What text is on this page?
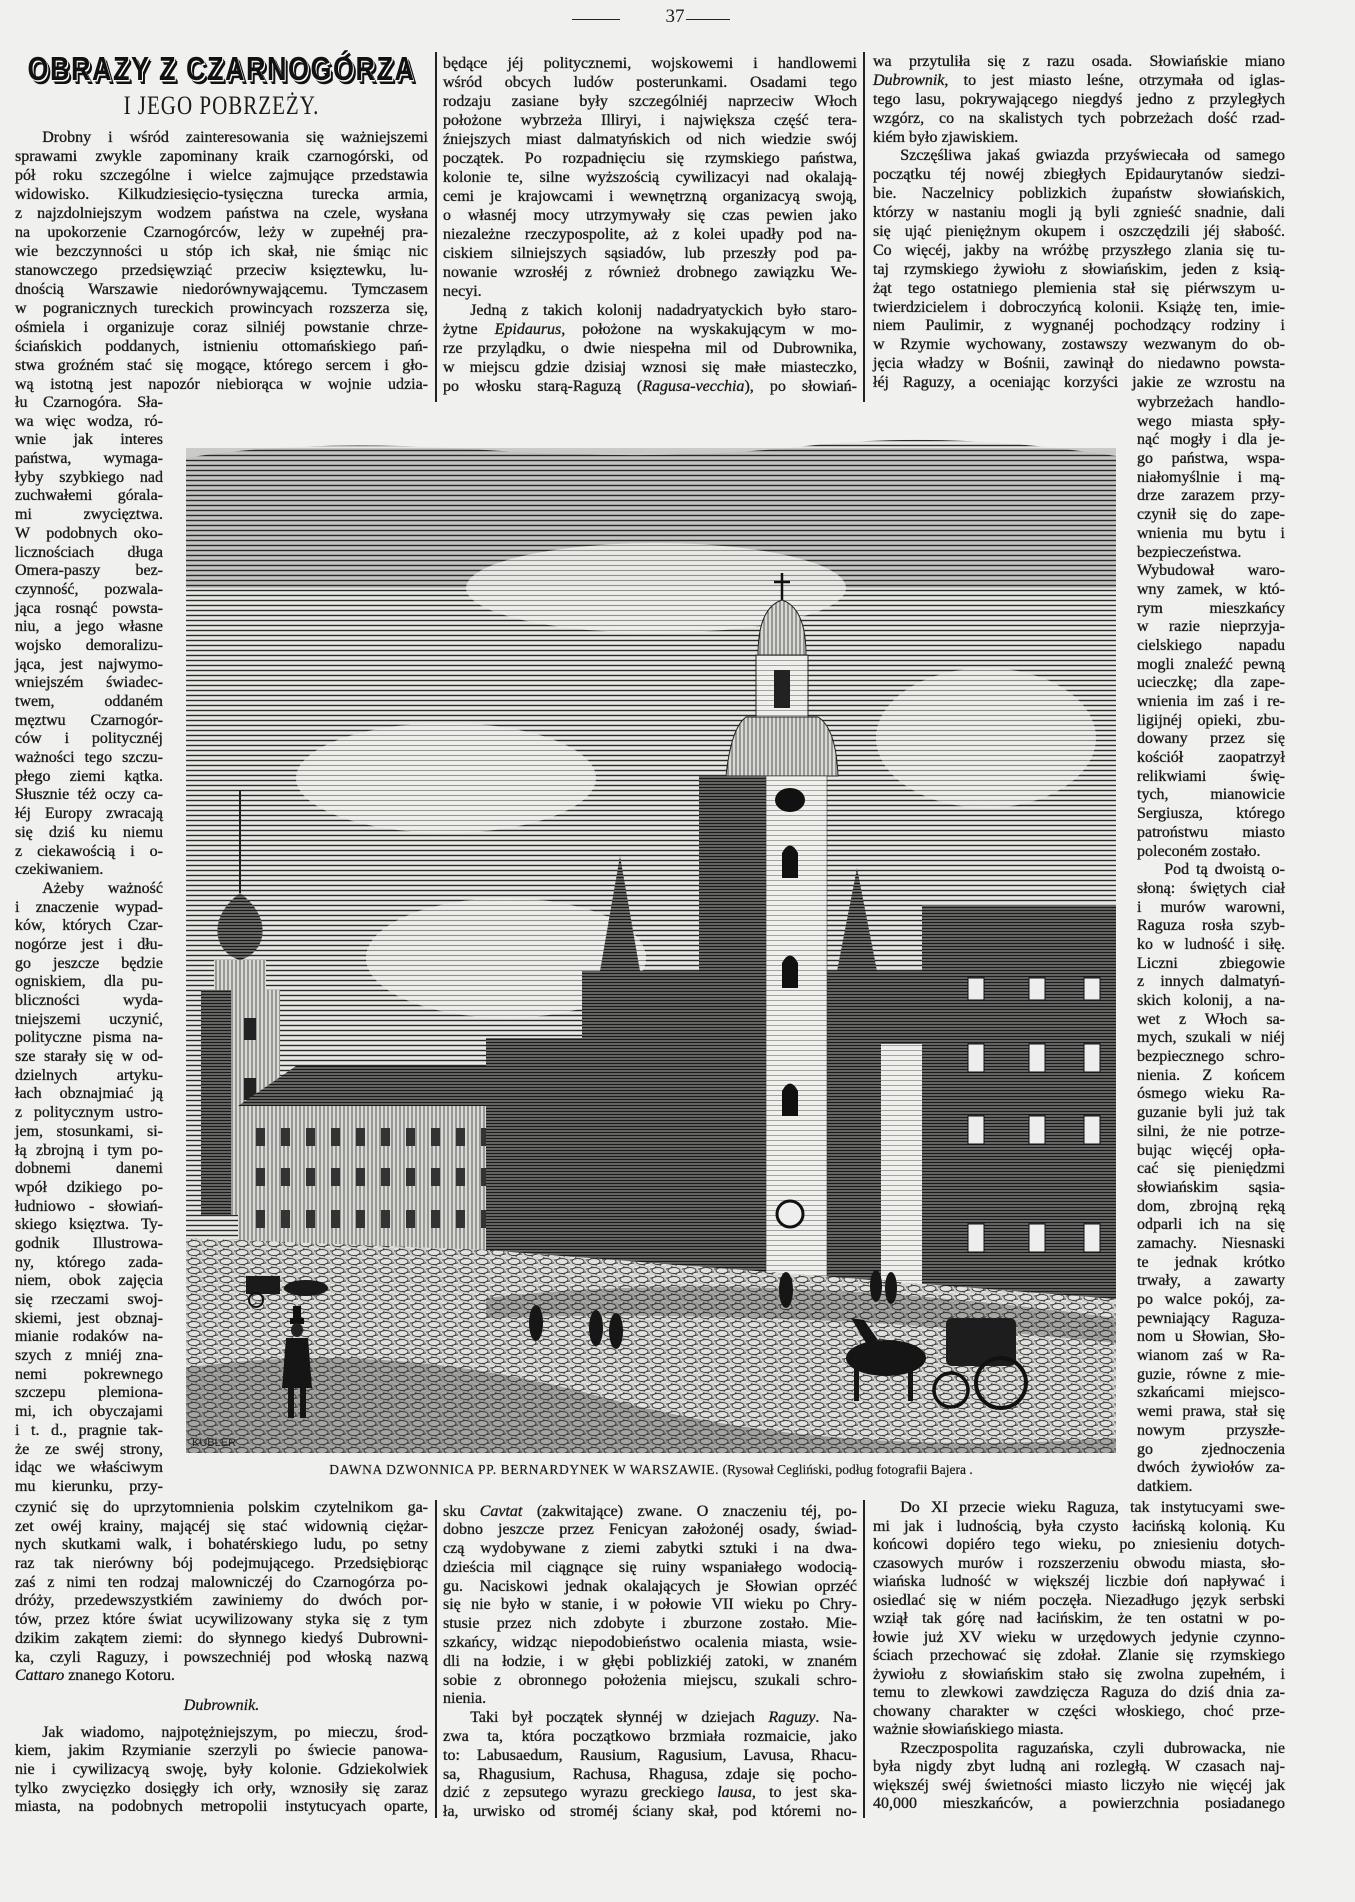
37
OBRAZY Z CZARNOGÓRZA
I JEGO POBRZEŻY.
Drobny i wśród zainteresowania się ważniejszemi
sprawami zwykle zapominany kraik czarnogórski, od
pół roku szczególne i wielce zajmujące przedstawia
widowisko. Kilkudziesięcio-tysięczna turecka armia,
z najzdolniejszym wodzem państwa na czele, wysłana
na upokorzenie Czarnogórców, leży w zupełnéj pra-
wie bezczynności u stóp ich skał, nie śmiąc nic
stanowczego przedsięwziąć przeciw księztewku, lu-
dnością Warszawie niedorównywającemu. Tymczasem
w pogranicznych tureckich prowincyach rozszerza się,
ośmiela i organizuje coraz silniéj powstanie chrze-
ściańskich poddanych, istnieniu ottomańskiego pań-
stwa groźném stać się mogące, którego sercem i gło-
wą istotną jest napozór niebiorąca w wojnie udzia-
będące jéj politycznemi, wojskowemi i handlowemi
wśród obcych ludów posterunkami. Osadami tego
rodzaju zasiane były szczególniéj naprzeciw Włoch
położone wybrzeża Illiryi, i największa część tera-
źniejszych miast dalmatyńskich od nich wiedzie swój
początek. Po rozpadnięciu się rzymskiego państwa,
kolonie te, silne wyższością cywilizacyi nad okalają-
cemi je krajowcami i wewnętrzną organizacyą swoją,
o własnéj mocy utrzymywały się czas pewien jako
niezależne rzeczypospolite, aż z kolei upadły pod na-
ciskiem silniejszych sąsiadów, lub przeszły pod pa-
nowanie wzrosłéj z również drobnego zawiązku We-
necyi.
Jedną z takich kolonij nadadryatyckich było staro-
żytne Epidaurus, położone na wyskakującym w mo-
rze przylądku, o dwie niespełna mil od Dubrownika,
w miejscu gdzie dzisiaj wznosi się małe miasteczko,
po włosku starą-Raguzą (Ragusa-vecchia), po słowiań-
wa przytuliła się z razu osada. Słowiańskie miano
Dubrownik, to jest miasto leśne, otrzymała od iglas-
tego lasu, pokrywającego niegdyś jedno z przyległych
wzgórz, co na skalistych tych pobrzeżach dość rzad-
kiém było zjawiskiem.
Szczęśliwa jakaś gwiazda przyświecała od samego
początku téj nowéj zbiegłych Epidaurytanów siedzi-
bie. Naczelnicy poblizkich żupaństw słowiańskich,
którzy w nastaniu mogli ją byli zgnieść snadnie, dali
się ująć pieniężnym okupem i oszczędzili jéj słabość.
Co więcéj, jakby na wróżbę przyszłego zlania się tu-
taj rzymskiego żywiołu z słowiańskim, jeden z ksią-
żąt tego ostatniego plemienia stał się piérwszym u-
twierdzicielem i dobroczyńcą kolonii. Książę ten, imie-
niem Paulimir, z wygnanéj pochodzący rodziny i
w Rzymie wychowany, zostawszy wezwanym do ob-
jęcia władzy w Bośnii, zawinął do niedawno powsta-
łéj Raguzy, a oceniając korzyści jakie ze wzrostu na
łu Czarnogóra. Sła-
wa więc wodza, ró-
wnie jak interes
państwa, wymaga-
łyby szybkiego nad
zuchwałemi górala-
mi zwycięztwa.
W podobnych oko-
licznościach długa
Omera-paszy bez-
czynność, pozwala-
jąca rosnąć powsta-
niu, a jego własne
wojsko demoralizu-
jąca, jest najwymo-
wniejszém świadec-
twem, oddaném
męztwu Czarnogór-
ców i politycznéj
ważności tego szczu-
płego ziemi kątka.
Słusznie téż oczy ca-
łéj Europy zwracają
się dziś ku niemu
z ciekawością i o-
czekiwaniem.
Ażeby ważność
i znaczenie wypad-
ków, których Czar-
nogórze jest i dłu-
go jeszcze będzie
ogniskiem, dla pu-
bliczności wyda-
tniejszemi uczynić,
polityczne pisma na-
sze starały się w od-
dzielnych artyku-
łach obznajmiać ją
z politycznym ustro-
jem, stosunkami, si-
łą zbrojną i tym po-
dobnemi danemi
wpół dzikiego po-
łudniowo - słowiań-
skiego księztwa. Ty-
godnik Illustrowa-
ny, którego zada-
niem, obok zajęcia
się rzeczami swoj-
skiemi, jest obznaj-
mianie rodaków na-
szych z mniéj zna-
nemi pokrewnego
szczepu plemiona-
mi, ich obyczajami
i t. d., pragnie tak-
że ze swéj strony,
idąc we właściwym
mu kierunku, przy-
wybrzeżach handlo-
wego miasta spły-
nąć mogły i dla je-
go państwa, wspa-
niałomyślnie i mą-
drze zarazem przy-
czynił się do zape-
wnienia mu bytu i
bezpieczeństwa.
Wybudował waro-
wny zamek, w któ-
rym mieszkańcy
w razie nieprzyja-
cielskiego napadu
mogli znaleźć pewną
ucieczkę; dla zape-
wnienia im zaś i re-
ligijnéj opieki, zbu-
dowany przez się
kościół zaopatrzył
relikwiami świę-
tych, mianowicie
Sergiusza, którego
patroństwu miasto
poleconém zostało.
Pod tą dwoistą o-
słoną: świętych ciał
i murów warowni,
Raguza rosła szyb-
ko w ludność i siłę.
Liczni zbiegowie
z innych dalmatyń-
skich kolonij, a na-
wet z Włoch sa-
mych, szukali w niéj
bezpiecznego schro-
nienia. Z końcem
ósmego wieku Ra-
guzanie byli już tak
silni, że nie potrze-
bując więcéj opła-
cać się pieniędzmi
słowiańskim sąsia-
dom, zbrojną ręką
odparli ich na się
zamachy. Niesnaski
te jednak krótko
trwały, a zawarty
po walce pokój, za-
pewniający Raguza-
nom u Słowian, Sło-
wianom zaś w Ra-
guzie, równe z mie-
szkańcami miejsco-
wemi prawa, stał się
nowym przyszłe-
go zjednoczenia
dwóch żywiołów za-
datkiem.
czynić się do uprzytomnienia polskim czytelnikom ga-
zet owéj krainy, mającéj się stać widownią ciężar-
nych skutkami walk, i bohatérskiego ludu, po setny
raz tak nierówny bój podejmującego. Przedsiębiorąc
zaś z nimi ten rodzaj malowniczéj do Czarnogórza po-
dróży, przedewszystkiém zawiniemy do dwóch por-
tów, przez które świat ucywilizowany styka się z tym
dzikim zakątem ziemi: do słynnego kiedyś Dubrowni-
ka, czyli Raguzy, i powszechniéj pod włoską nazwą
Cattaro znanego Kotoru.
Dubrownik.
Jak wiadomo, najpotężniejszym, po mieczu, środ-
kiem, jakim Rzymianie szerzyli po świecie panowa-
nie i cywilizacyą swoję, były kolonie. Gdziekolwiek
tylko zwycięzko dosięgły ich orły, wznosiły się zaraz
miasta, na podobnych metropolii instytucyach oparte,
sku Cavtat (zakwitające) zwane. O znaczeniu téj, po-
dobno jeszcze przez Fenicyan założonéj osady, świad-
czą wydobywane z ziemi zabytki sztuki i na dwa-
dzieścia mil ciągnące się ruiny wspaniałego wodocią-
gu. Naciskowi jednak okalających je Słowian oprzéć
się nie było w stanie, i w połowie VII wieku po Chry-
stusie przez nich zdobyte i zburzone zostało. Mie-
szkańcy, widząc niepodobieństwo ocalenia miasta, wsie-
dli na łodzie, i w głębi poblizkiéj zatoki, w znaném
sobie z obronnego położenia miejscu, szukali schro-
nienia.
Taki był początek słynnéj w dziejach Raguzy. Na-
zwa ta, która początkowo brzmiała rozmaicie, jako
to: Labusaedum, Rausium, Ragusium, Lavusa, Rhacu-
sa, Rhagusium, Rachusa, Rhagusa, zdaje się pocho-
dzić z zepsutego wyrazu greckiego lausa, to jest ska-
ła, urwisko od stroméj ściany skał, pod któremi no-
Do XI przecie wieku Raguza, tak instytucyami swe-
mi jak i ludnością, była czysto łacińską kolonią. Ku
końcowi dopiéro tego wieku, po zniesieniu dotych-
czasowych murów i rozszerzeniu obwodu miasta, sło-
wiańska ludność w większéj liczbie doń napływać i
osiedlać się w niém poczęła. Niezadługo język serbski
wziął tak górę nad łacińskim, że ten ostatni w po-
łowie już XV wieku w urzędowych jedynie czynno-
ściach przechować się zdołał. Zlanie się rzymskiego
żywiołu z słowiańskim stało się zwolna zupełném, i
temu to zlewkowi zawdzięcza Raguza do dziś dnia za-
chowany charakter w części włoskiego, choć prze-
ważnie słowiańskiego miasta.
Rzeczpospolita raguzańska, czyli dubrowacka, nie
była nigdy zbyt ludną ani rozległą. W czasach naj-
większéj swéj świetności miasto liczyło nie więcéj jak
40,000 mieszkańców, a powierzchnia posiadanego
KUBLER
DAWNA DZWONNICA PP. BERNARDYNEK W WARSZAWIE. (Rysował Cegliński, podług fotografii Bajera .
